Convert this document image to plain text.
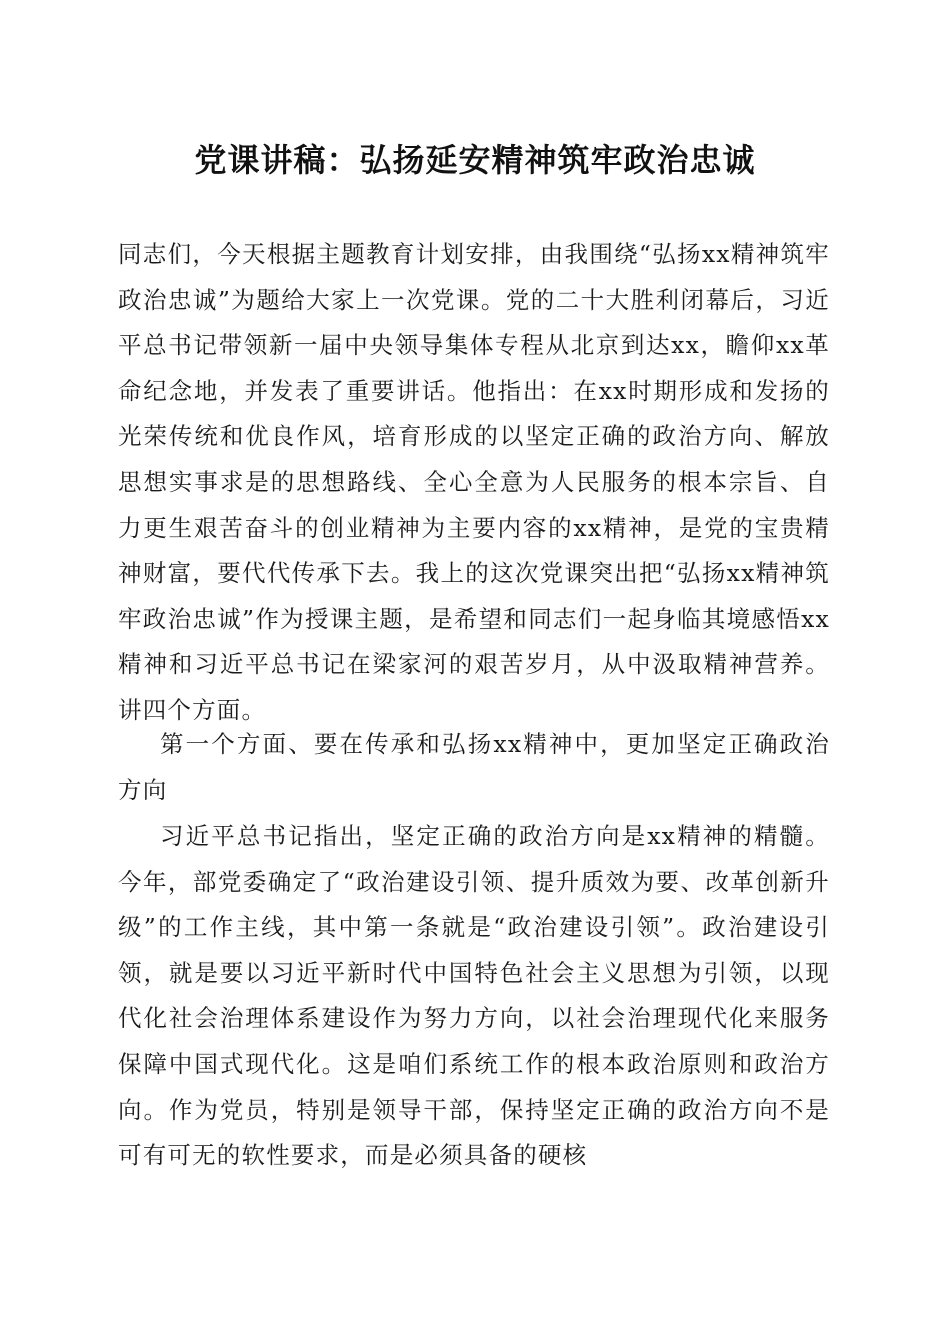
党课讲稿：弘扬延安精神筑牢政治忠诚

同志们，今天根据主题教育计划安排，由我围绕“弘扬xx精神筑牢政治忠诚”为题给大家上一次党课。党的二十大胜利闭幕后，习近平总书记带领新一届中央领导集体专程从北京到达xx，瞻仰xx革命纪念地，并发表了重要讲话。他指出：在xx时期形成和发扬的光荣传统和优良作风，培育形成的以坚定正确的政治方向、解放思想实事求是的思想路线、全心全意为人民服务的根本宗旨、自力更生艰苦奋斗的创业精神为主要内容的xx精神，是党的宝贵精神财富，要代代传承下去。我上的这次党课突出把“弘扬xx精神筑牢政治忠诚”作为授课主题，是希望和同志们一起身临其境感悟xx精神和习近平总书记在梁家河的艰苦岁月，从中汲取精神营养。讲四个方面。

第一个方面、要在传承和弘扬xx精神中，更加坚定正确政治方向

习近平总书记指出，坚定正确的政治方向是xx精神的精髓。今年，部党委确定了“政治建设引领、提升质效为要、改革创新升级”的工作主线，其中第一条就是“政治建设引领”。政治建设引领，就是要以习近平新时代中国特色社会主义思想为引领，以现代化社会治理体系建设作为努力方向，以社会治理现代化来服务保障中国式现代化。这是咱们系统工作的根本政治原则和政治方向。作为党员，特别是领导干部，保持坚定正确的政治方向不是可有可无的软性要求，而是必须具备的硬核
